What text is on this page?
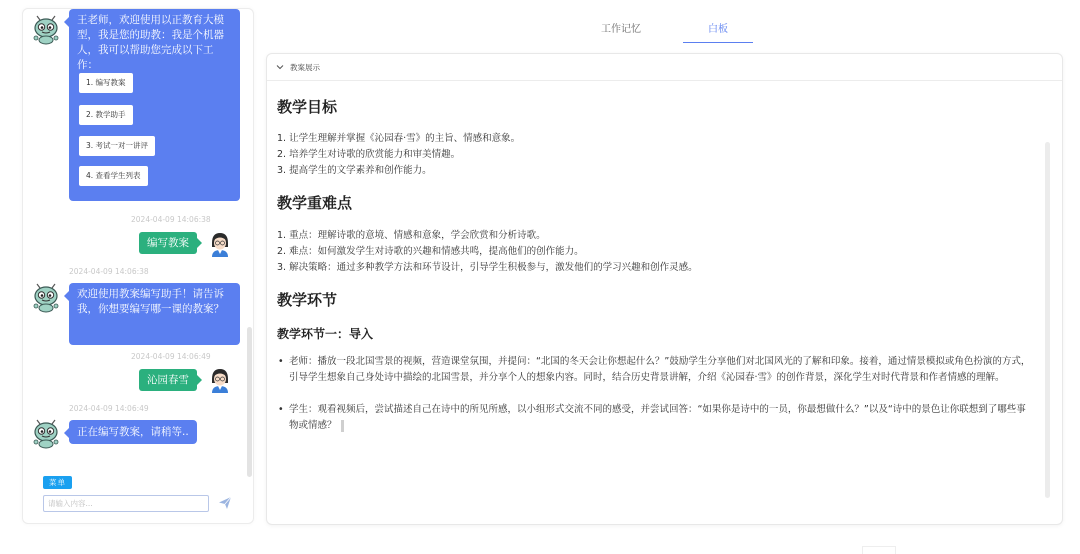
王老师，欢迎使用以正教育大模型，我是您的助教：我是个机器人，我可以帮助您完成以下工作：
1. 编写教案
2. 教学助手
3. 考试一对一讲评
4. 查看学生列表
2024-04-09 14:06:38
编写教案
2024-04-09 14:06:38
欢迎使用教案编写助手！请告诉我，你想要编写哪一课的教案？
2024-04-09 14:06:49
沁园春雪
2024-04-09 14:06:49
正在编写教案，请稍等..
菜单
请输入内容...
工作记忆	白板
教案展示
教学目标
1. 让学生理解并掌握《沁园春·雪》的主旨、情感和意象。
2. 培养学生对诗歌的欣赏能力和审美情趣。
3. 提高学生的文学素养和创作能力。
教学重难点
1. 重点：理解诗歌的意境、情感和意象，学会欣赏和分析诗歌。
2. 难点：如何激发学生对诗歌的兴趣和情感共鸣，提高他们的创作能力。
3. 解决策略：通过多种教学方法和环节设计，引导学生积极参与，激发他们的学习兴趣和创作灵感。
教学环节
教学环节一：导入
• 老师：播放一段北国雪景的视频，营造课堂氛围，并提问：“北国的冬天会让你想起什么？”鼓励学生分享他们对北国风光的了解和印象。接着，通过情景模拟或角色扮演的方式，引导学生想象自己身处诗中描绘的北国雪景，并分享个人的想象内容。同时，结合历史背景讲解，介绍《沁园春·雪》的创作背景，深化学生对时代背景和作者情感的理解。
• 学生：观看视频后，尝试描述自己在诗中的所见所感，以小组形式交流不同的感受，并尝试回答：“如果你是诗中的一员，你最想做什么？”以及“诗中的景色让你联想到了哪些事物或情感？
